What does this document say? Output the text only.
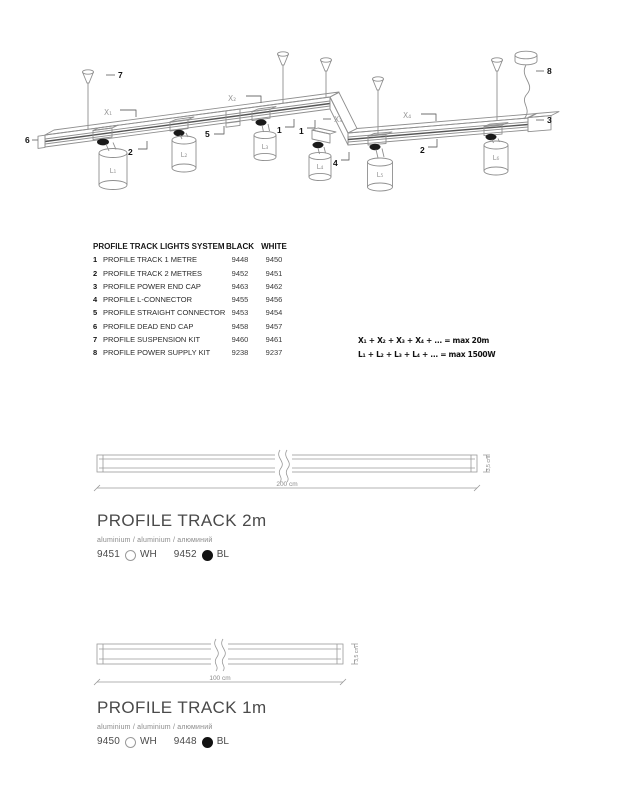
6
7
2
5	1 1
4
2
3
8
X₁
X₂
X₃	X₄
L₁
L₂
L₃
L₄
L₅
L₆
PROFILE TRACK LIGHTS SYSTEM BLACK WHITE
1 PROFILE TRACK 1 METRE	9448	9450
2 PROFILE TRACK 2 METRES	9452	9451
3 PROFILE POWER END CAP	9463	9462
4 PROFILE L-CONNECTOR	9455	9456
5 PROFILE STRAIGHT CONNECTOR 9453	9454
6 PROFILE DEAD END CAP	9458	9457
7 PROFILE SUSPENSION KIT	9460	9461
8 PROFILE POWER SUPPLY KIT	9238	9237
X₁ + X₂ + X₃ + X₄ + ... = max 20m
L₁ + L₂ + L₃ + L₄ + ... = max 1500W
200 cm
3,5 cm
PROFILE TRACK 2m
aluminium / aluminium / алюминий
9451 WH 9452 BL
100 cm
3,5 cm
PROFILE TRACK 1m
aluminium / aluminium / алюминий
9450 WH 9448 BL
